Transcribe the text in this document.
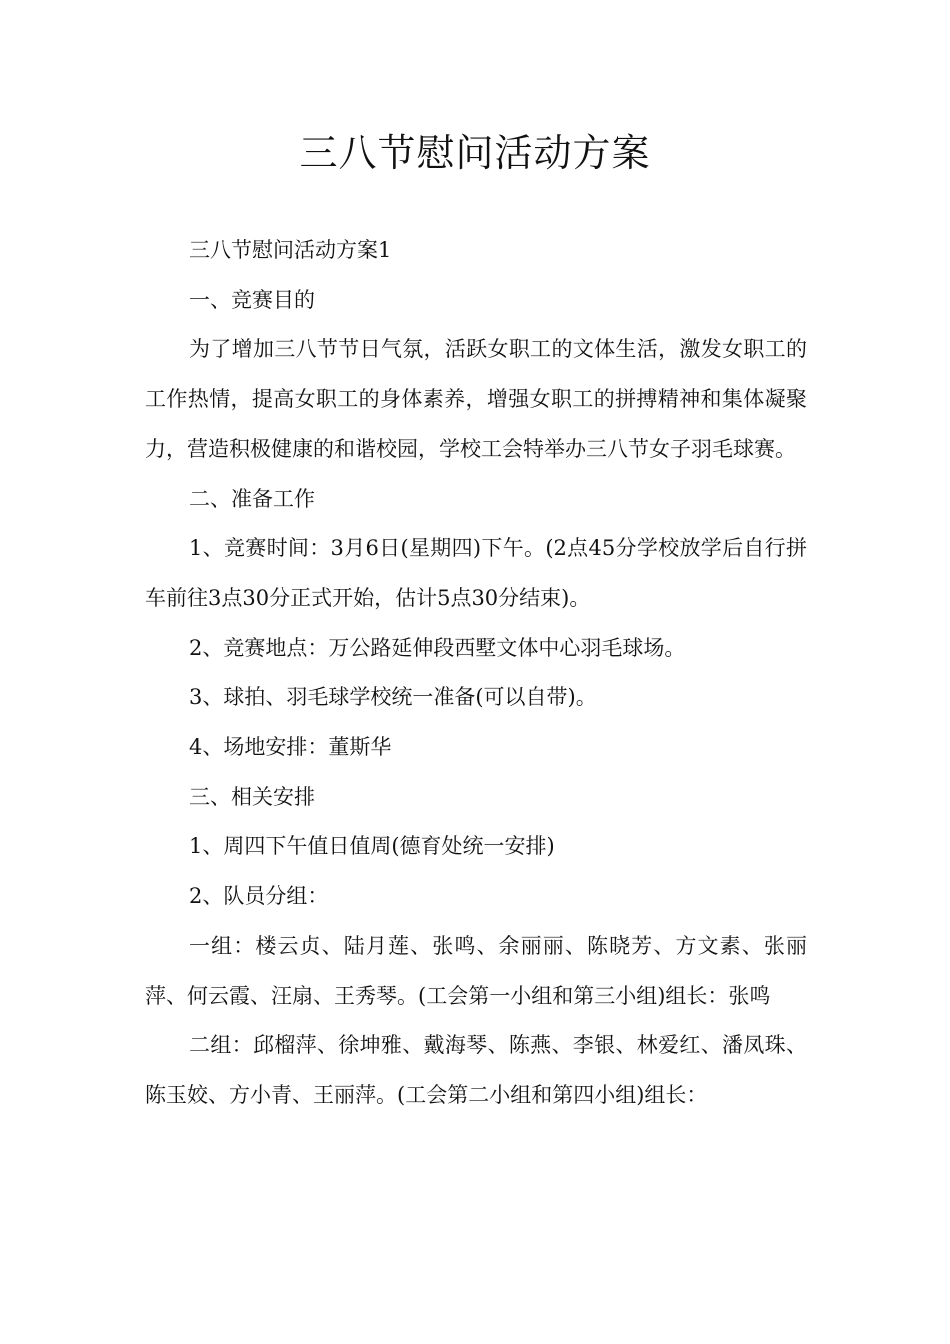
三八节慰问活动方案

三八节慰问活动方案1

一、竞赛目的

为了增加三八节节日气氛，活跃女职工的文体生活，激发女职工的工作热情，提高女职工的身体素养，增强女职工的拼搏精神和集体凝聚力，营造积极健康的和谐校园，学校工会特举办三八节女子羽毛球赛。

二、准备工作

1、竞赛时间：3月6日(星期四)下午。(2点45分学校放学后自行拼车前往3点30分正式开始，估计5点30分结束)。

2、竞赛地点：万公路延伸段西墅文体中心羽毛球场。

3、球拍、羽毛球学校统一准备(可以自带)。

4、场地安排：董斯华

三、相关安排

1、周四下午值日值周(德育处统一安排)

2、队员分组：

一组：楼云贞、陆月莲、张鸣、余丽丽、陈晓芳、方文素、张丽萍、何云霞、汪扇、王秀琴。(工会第一小组和第三小组)组长：张鸣

二组：邱榴萍、徐坤雅、戴海琴、陈燕、李银、林爱红、潘凤珠、陈玉姣、方小青、王丽萍。(工会第二小组和第四小组)组长：
